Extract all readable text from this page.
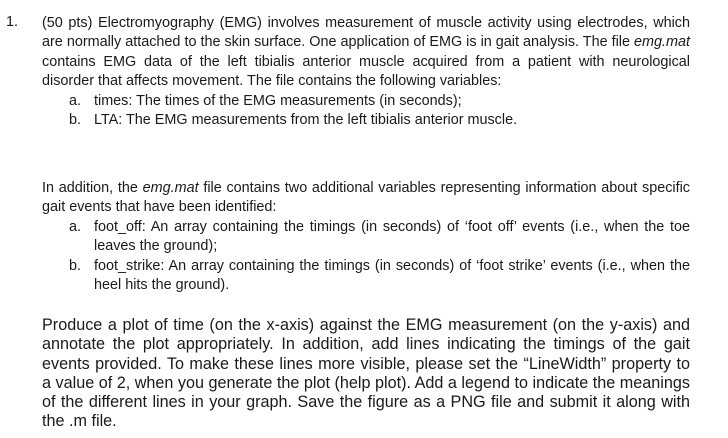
1. (50 pts) Electromyography (EMG) involves measurement of muscle activity using electrodes, which are normally attached to the skin surface. One application of EMG is in gait analysis. The file emg.mat contains EMG data of the left tibialis anterior muscle acquired from a patient with neurological disorder that affects movement. The file contains the following variables:
a. times: The times of the EMG measurements (in seconds);
b. LTA: The EMG measurements from the left tibialis anterior muscle.
In addition, the emg.mat file contains two additional variables representing information about specific gait events that have been identified:
a. foot_off: An array containing the timings (in seconds) of ‘foot off’ events (i.e., when the toe leaves the ground);
b. foot_strike: An array containing the timings (in seconds) of ‘foot strike’ events (i.e., when the heel hits the ground).
Produce a plot of time (on the x-axis) against the EMG measurement (on the y-axis) and annotate the plot appropriately. In addition, add lines indicating the timings of the gait events provided. To make these lines more visible, please set the “LineWidth” property to a value of 2, when you generate the plot (help plot). Add a legend to indicate the meanings of the different lines in your graph. Save the figure as a PNG file and submit it along with the .m file.
